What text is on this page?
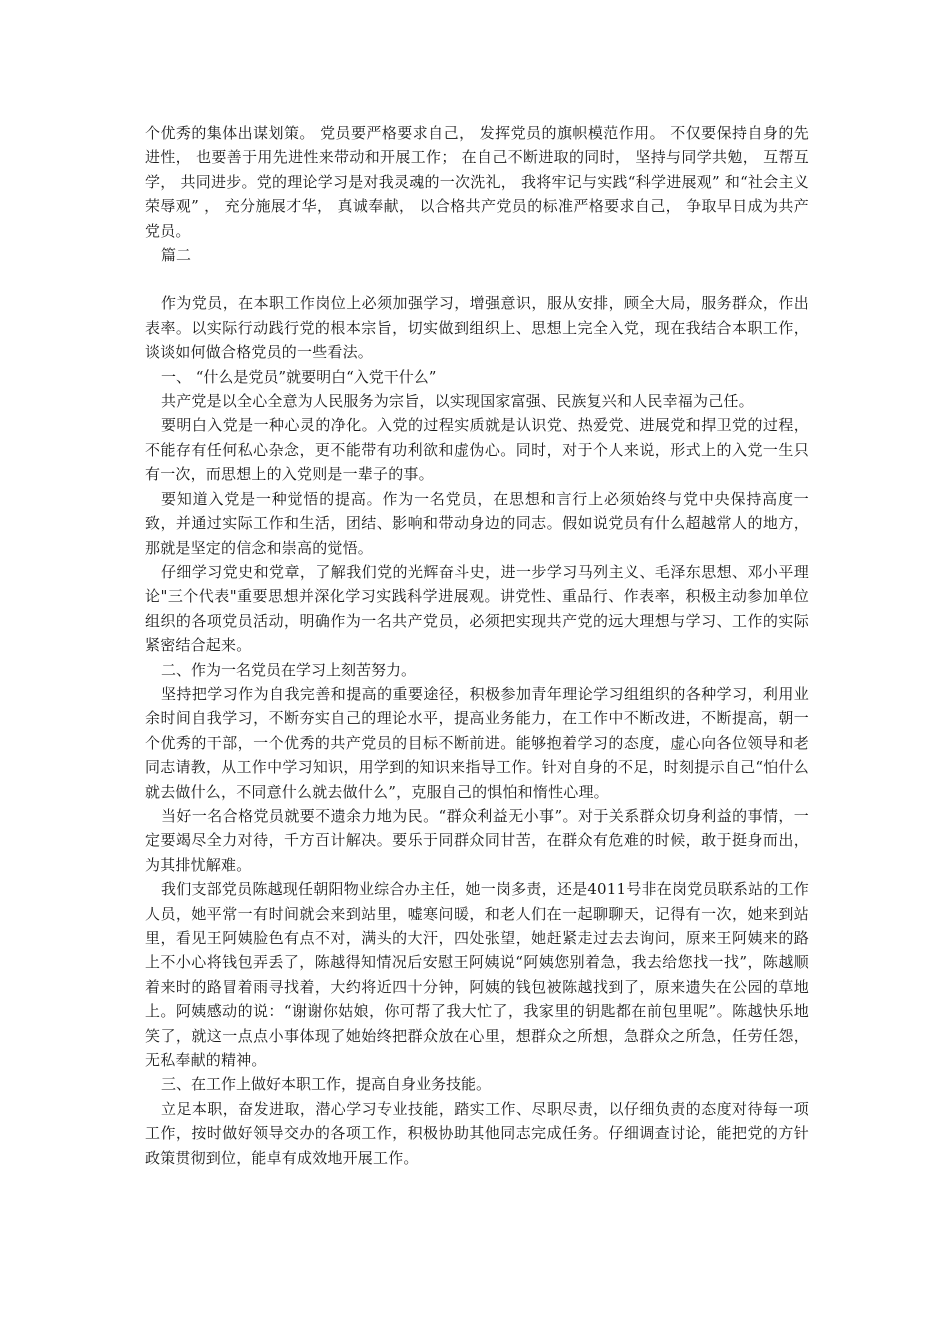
个优秀的集体出谋划策。 党员要严格要求自己， 发挥党员的旗帜模范作用。 不仅要保持自身的先进性， 也要善于用先进性来带动和开展工作； 在自己不断进取的同时， 坚持与同学共勉， 互帮互学， 共同进步。党的理论学习是对我灵魂的一次洗礼， 我将牢记与实践“科学进展观” 和“社会主义荣辱观” ， 充分施展才华， 真诚奉献， 以合格共产党员的标准严格要求自己， 争取早日成为共产党员。

篇二

作为党员，在本职工作岗位上必须加强学习，增强意识，服从安排，顾全大局，服务群众，作出表率。以实际行动践行党的根本宗旨，切实做到组织上、思想上完全入党，现在我结合本职工作，谈谈如何做合格党员的一些看法。

一、 “什么是党员”就要明白“入党干什么”

共产党是以全心全意为人民服务为宗旨，以实现国家富强、民族复兴和人民幸福为己任。

要明白入党是一种心灵的净化。入党的过程实质就是认识党、热爱党、进展党和捍卫党的过程，不能存有任何私心杂念，更不能带有功利欲和虚伪心。同时，对于个人来说，形式上的入党一生只有一次，而思想上的入党则是一辈子的事。

要知道入党是一种觉悟的提高。作为一名党员，在思想和言行上必须始终与党中央保持高度一致，并通过实际工作和生活，团结、影响和带动身边的同志。假如说党员有什么超越常人的地方，那就是坚定的信念和崇高的觉悟。

仔细学习党史和党章，了解我们党的光辉奋斗史，进一步学习马列主义、毛泽东思想、邓小平理论"三个代表"重要思想并深化学习实践科学进展观。讲党性、重品行、作表率，积极主动参加单位组织的各项党员活动，明确作为一名共产党员，必须把实现共产党的远大理想与学习、工作的实际紧密结合起来。

二、作为一名党员在学习上刻苦努力。

坚持把学习作为自我完善和提高的重要途径，积极参加青年理论学习组组织的各种学习，利用业余时间自我学习，不断夯实自己的理论水平，提高业务能力，在工作中不断改进，不断提高，朝一个优秀的干部，一个优秀的共产党员的目标不断前进。能够抱着学习的态度，虚心向各位领导和老同志请教，从工作中学习知识，用学到的知识来指导工作。针对自身的不足，时刻提示自己“怕什么就去做什么，不同意什么就去做什么”，克服自己的惧怕和惰性心理。

当好一名合格党员就要不遗余力地为民。“群众利益无小事”。对于关系群众切身利益的事情，一定要竭尽全力对待，千方百计解决。要乐于同群众同甘苦，在群众有危难的时候，敢于挺身而出，为其排忧解难。

我们支部党员陈越现任朝阳物业综合办主任，她一岗多责，还是4011号非在岗党员联系站的工作人员，她平常一有时间就会来到站里，嘘寒问暖，和老人们在一起聊聊天，记得有一次，她来到站里，看见王阿姨脸色有点不对，满头的大汗，四处张望，她赶紧走过去去询问，原来王阿姨来的路上不小心将钱包弄丢了，陈越得知情况后安慰王阿姨说“阿姨您别着急，我去给您找一找”，陈越顺着来时的路冒着雨寻找着，大约将近四十分钟，阿姨的钱包被陈越找到了，原来遗失在公园的草地上。阿姨感动的说：“谢谢你姑娘，你可帮了我大忙了，我家里的钥匙都在前包里呢”。陈越快乐地笑了，就这一点点小事体现了她始终把群众放在心里，想群众之所想，急群众之所急，任劳任怨，无私奉献的精神。

三、在工作上做好本职工作，提高自身业务技能。

立足本职，奋发进取，潜心学习专业技能，踏实工作、尽职尽责，以仔细负责的态度对待每一项工作，按时做好领导交办的各项工作，积极协助其他同志完成任务。仔细调查讨论，能把党的方针政策贯彻到位，能卓有成效地开展工作。
